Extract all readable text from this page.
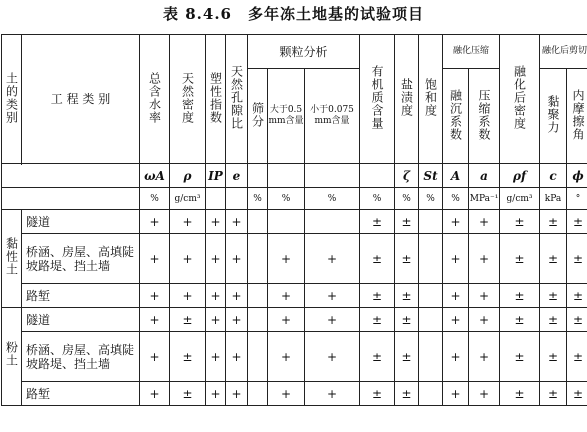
表 8.4.6　多年冻土地基的试验项目
土的类别	工 程 类 别	总含水率	天然密度	塑性指数	天然孔隙比	颗粒分析			有机质含量	盐渍度	饱和度	融化压缩		融化后密度	融化后剪切	
						筛分	大于0.5 mm含量	小于0.075 mm含量				融沉系数	压缩系数		黏聚力	内摩擦角

		ωA	ρ	IP	e					ζ	St	A	a	ρf	c	ϕ
		%	g/cm³			%	%	%	%	%	%	%	MPa⁻¹	g/cm³	kPa	°
黏性土	隧道	+	+	+	+				±	±		+	+	±	±	±
	桥涵、房屋、高填陡坡路堤、挡土墙	+	+	+	+		+	+	±	±		+	+	±	±	±
	路堑	+	+	+	+		+	+	±	±		+	+	±	±	±
粉土	隧道	+	±	+	+		+	+	±	±		+	+	±	±	±
	桥涵、房屋、高填陡坡路堤、挡土墙	+	±	+	+		+	+	±	±		+	+	±	±	±
	路堑	+	±	+	+		+	+	±	±		+	+	±	±	±
